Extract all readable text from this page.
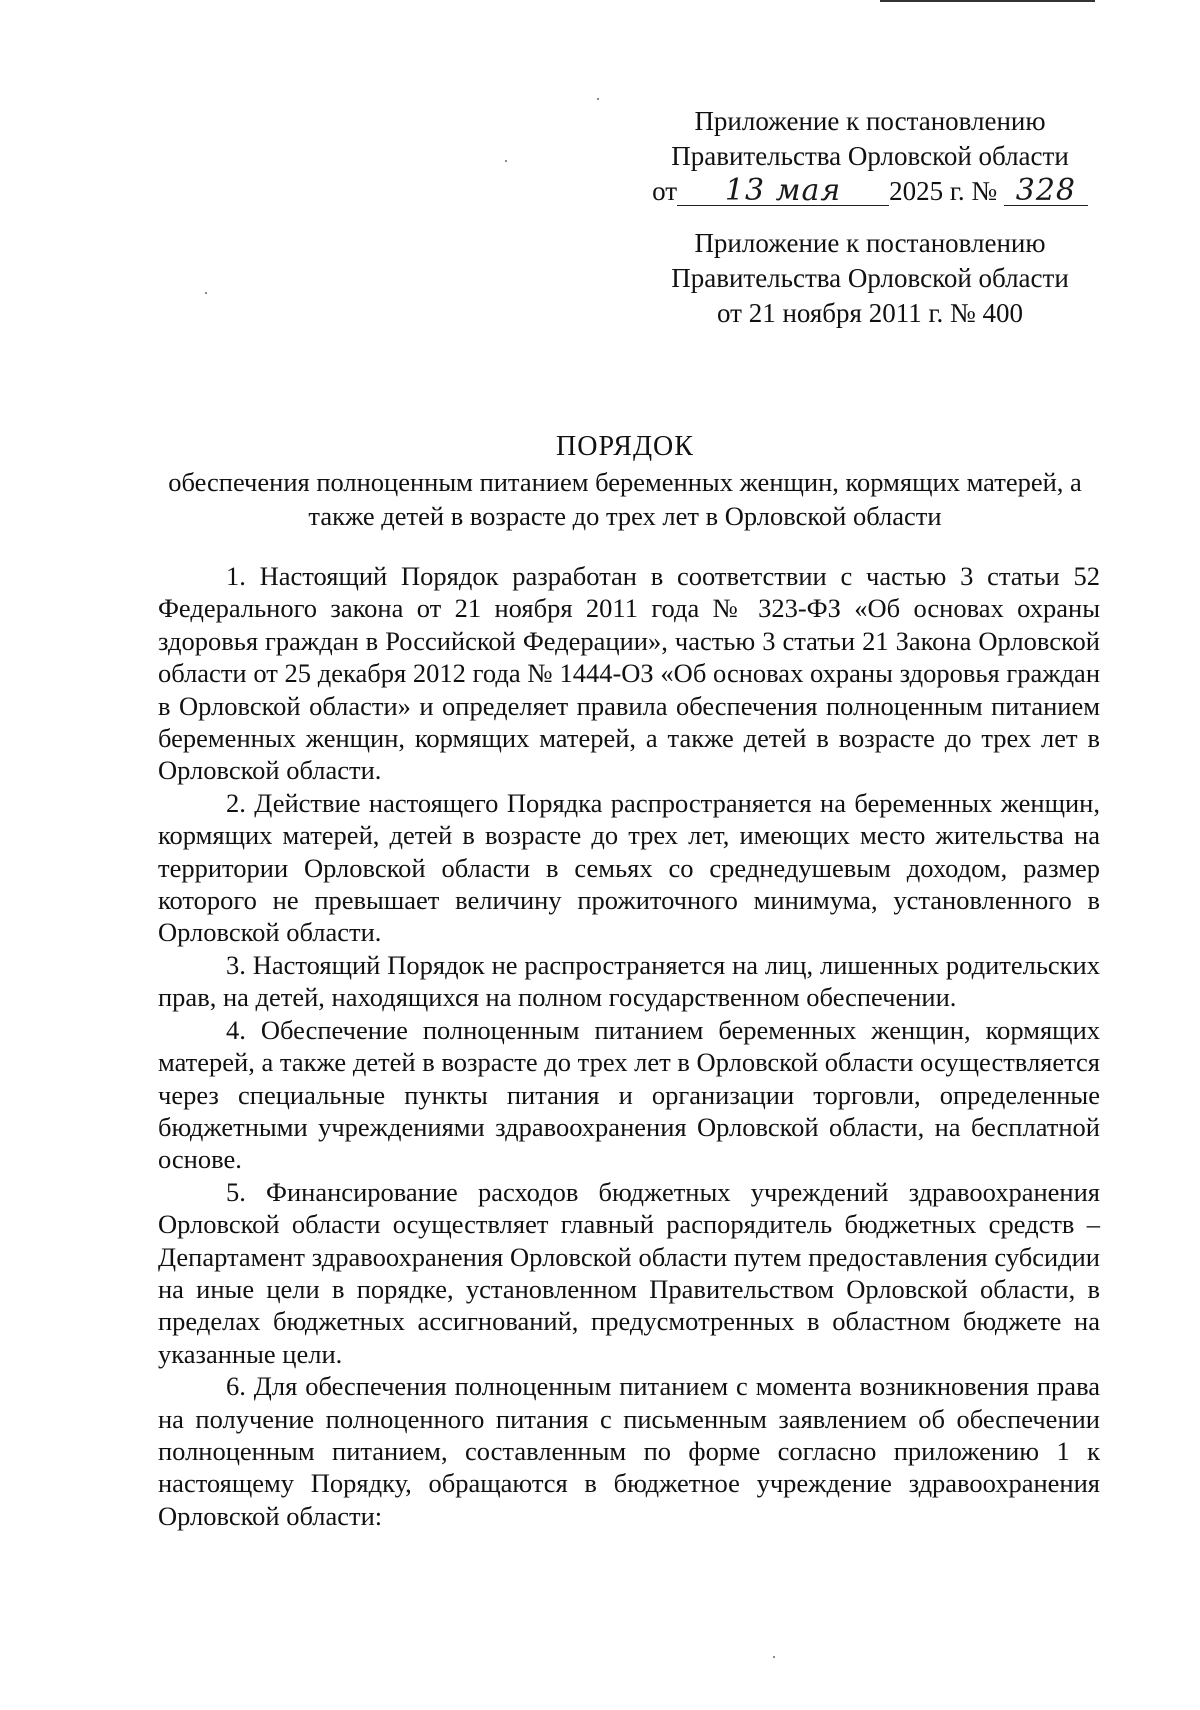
Приложение к постановлению
Правительства Орловской области
от 13 мая 2025 г. № 328
Приложение к постановлению
Правительства Орловской области
от 21 ноября 2011 г. № 400
ПОРЯДОК
обеспечения полноценным питанием беременных женщин, кормящих матерей, а также детей в возрасте до трех лет в Орловской области

1. Настоящий Порядок разработан в соответствии с частью 3 статьи 52 Федерального закона от 21 ноября 2011 года № 323-ФЗ «Об основах охраны здоровья граждан в Российской Федерации», частью 3 статьи 21 Закона Орловской области от 25 декабря 2012 года № 1444-ОЗ «Об основах охраны здоровья граждан в Орловской области» и определяет правила обеспечения полноценным питанием беременных женщин, кормящих матерей, а также детей в возрасте до трех лет в Орловской области.

2. Действие настоящего Порядка распространяется на беременных женщин, кормящих матерей, детей в возрасте до трех лет, имеющих место жительства на территории Орловской области в семьях со среднедушевым доходом, размер которого не превышает величину прожиточного минимума, установленного в Орловской области.

3. Настоящий Порядок не распространяется на лиц, лишенных родительских прав, на детей, находящихся на полном государственном обеспечении.

4. Обеспечение полноценным питанием беременных женщин, кормящих матерей, а также детей в возрасте до трех лет в Орловской области осуществляется через специальные пункты питания и организации торговли, определенные бюджетными учреждениями здравоохранения Орловской области, на бесплатной основе.

5. Финансирование расходов бюджетных учреждений здравоохранения Орловской области осуществляет главный распорядитель бюджетных средств – Департамент здравоохранения Орловской области путем предоставления субсидии на иные цели в порядке, установленном Правительством Орловской области, в пределах бюджетных ассигнований, предусмотренных в областном бюджете на указанные цели.

6. Для обеспечения полноценным питанием с момента возникновения права на получение полноценного питания с письменным заявлением об обеспечении полноценным питанием, составленным по форме согласно приложению 1 к настоящему Порядку, обращаются в бюджетное учреждение здравоохранения Орловской области:
